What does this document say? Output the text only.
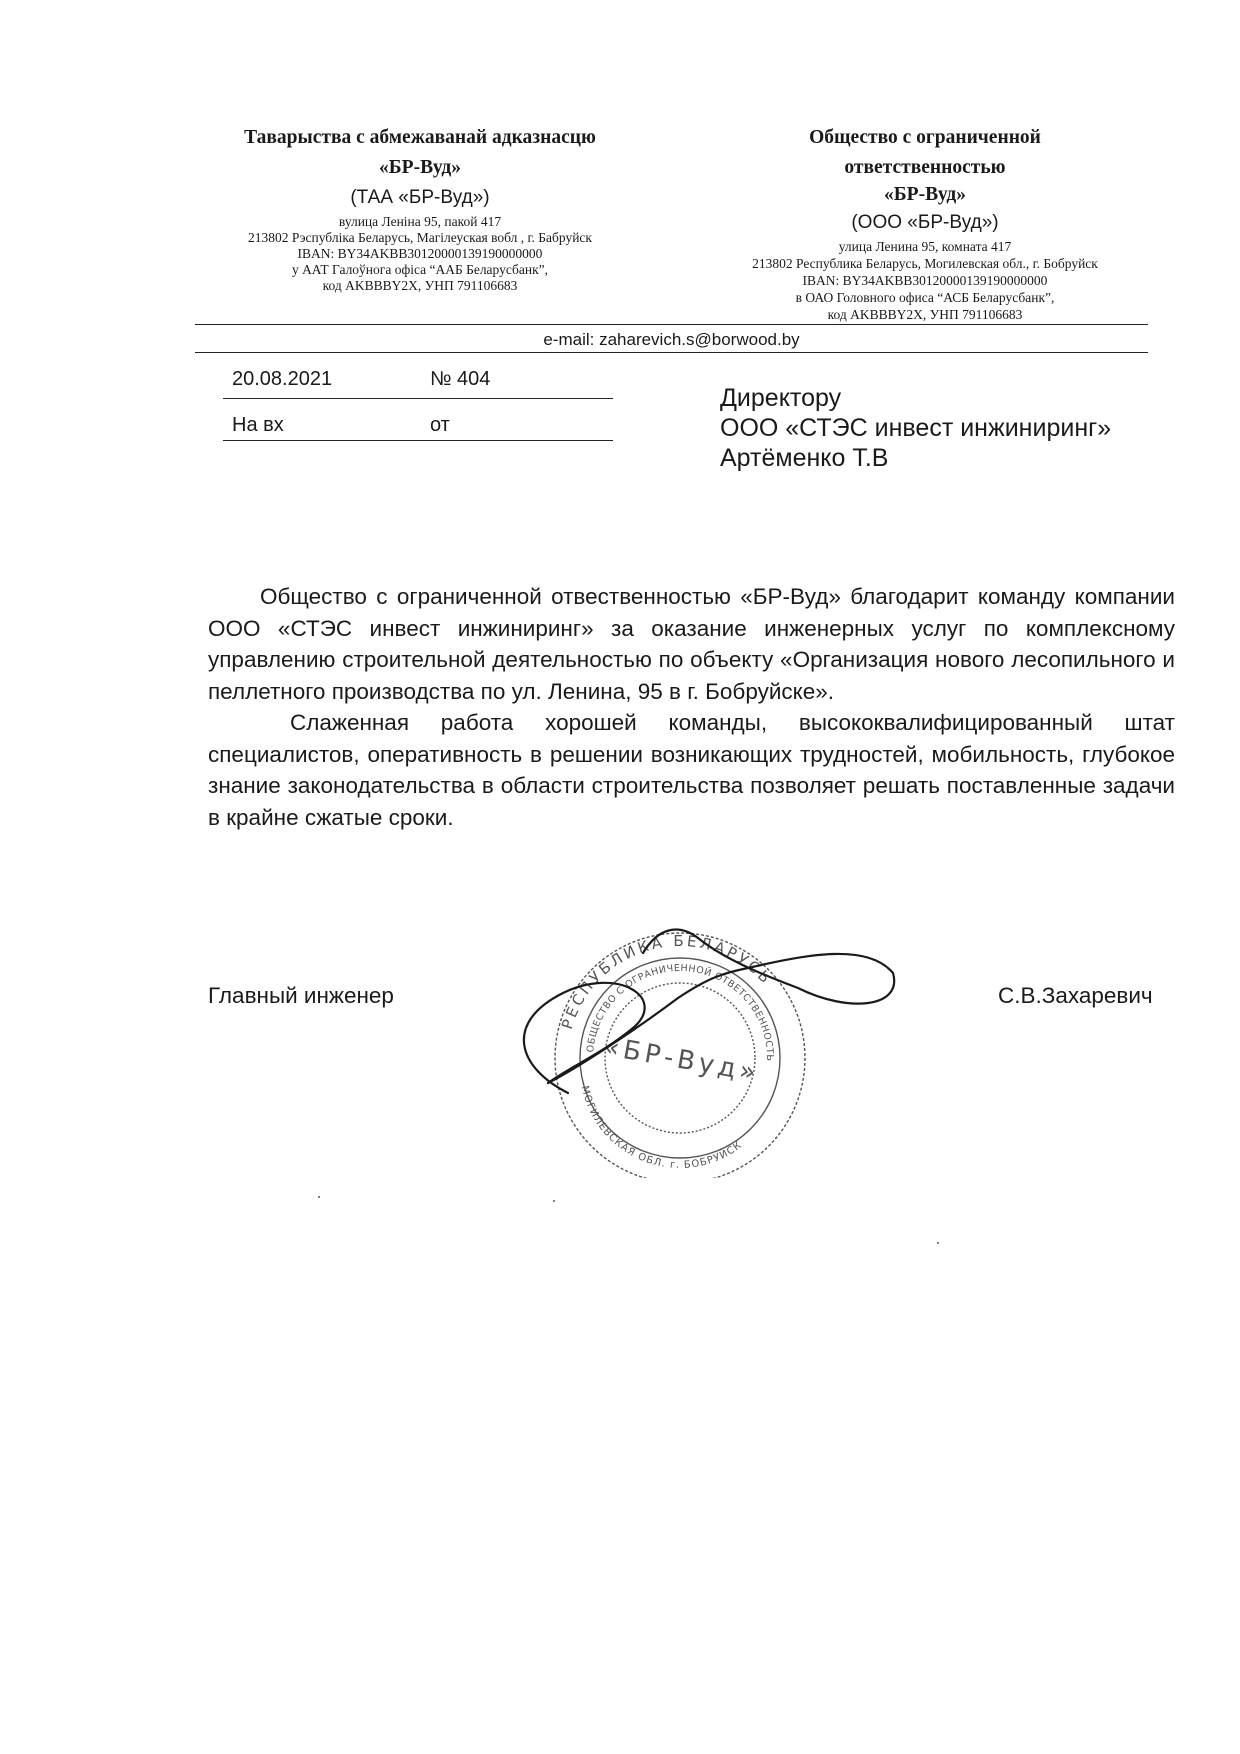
Таварыства с абмежаванай адказнасцю
«БР-Вуд»
(ТАА «БР-Вуд»)
вулица Леніна 95, пакой 417
213802 Рэспубліка Беларусь, Магілеуская вобл , г. Бабруйск
IBAN: BY34AKBB30120000139190000000
у ААТ Галоўнога офіса “ААБ Беларусбанк”,
код AKBBBY2X, УНП 791106683
Общество с ограниченной
ответственностью
«БР-Вуд»
(ООО «БР-Вуд»)
улица Ленина 95, комната 417
213802 Республика Беларусь, Могилевская обл., г. Бобруйск
IBAN: BY34AKBB30120000139190000000
в ОАО Головного офиса “АСБ Беларусбанк”,
код AKBBBY2X, УНП 791106683
e-mail: zaharevich.s@borwood.by
20.08.2021	№ 404
На вх	от
Директору
ООО «СТЭС инвест инжиниринг»
Артёменко Т.В

Общество с ограниченной отвественностью «БР-Вуд» благодарит команду компании ООО «СТЭС инвест инжиниринг» за оказание инженерных услуг по комплексному управлению строительной деятельностью по объекту «Организация нового лесопильного и пеллетного производства по ул. Ленина, 95 в г. Бобруйске».

Слаженная работа хорошей команды, высококвалифицированный штат специалистов, оперативность в решении возникающих трудностей, мобильность, глубокое знание законодательства в области строительства позволяет решать поставленные задачи в крайне сжатые сроки.

Главный инженер	С.В.Захаревич
РЕСПУБЛИКА БЕЛАРУСЬ
ОБЩЕСТВО С ОГРАНИЧЕННОЙ ОТВЕТСТВЕННОСТЬ
МОГИЛЕВСКАЯ ОБЛ. г. БОБРУЙСК
«БР-Вуд»
